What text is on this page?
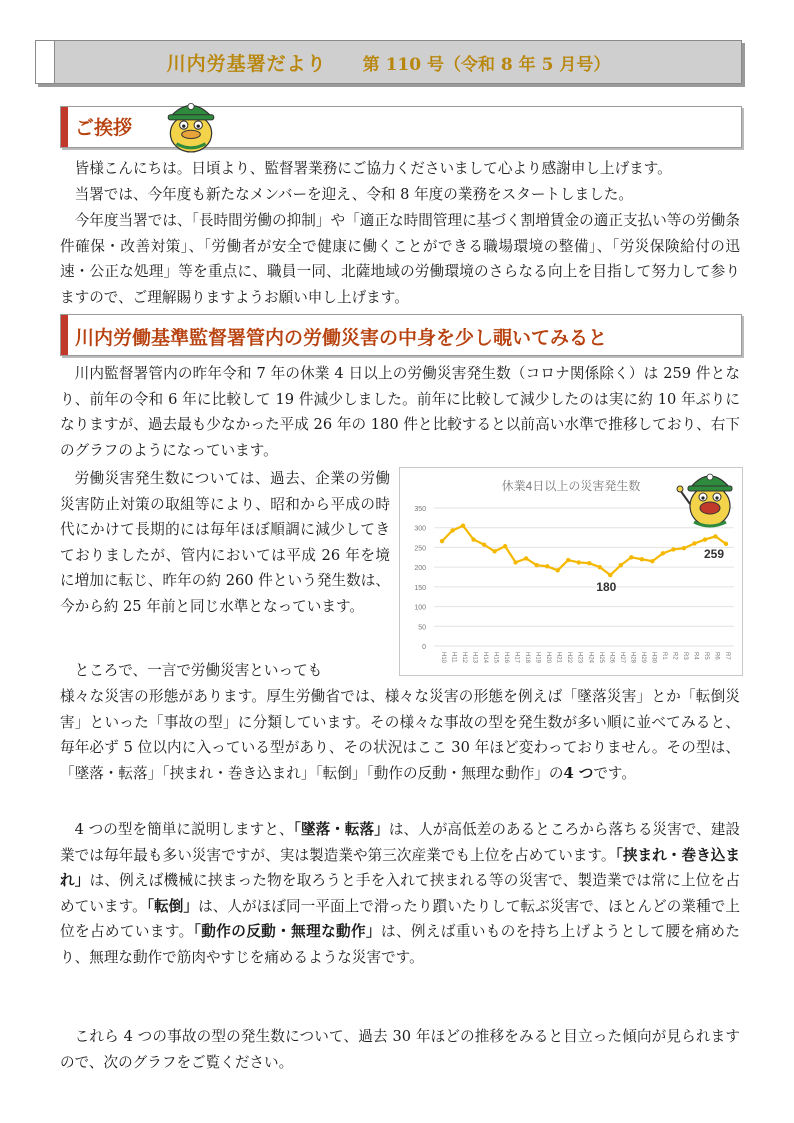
川内労基署だより 第 110 号（令和 8 年 5 月号）
ご挨拶

皆様こんにちは。日頃より、監督署業務にご協力くださいまして心より感謝申し上げます。

当署では、今年度も新たなメンバーを迎え、令和 8 年度の業務をスタートしました。

今年度当署では、「長時間労働の抑制」や「適正な時間管理に基づく割増賃金の適正支払い等の労働条件確保・改善対策」、「労働者が安全で健康に働くことができる職場環境の整備」、「労災保険給付の迅速・公正な処理」等を重点に、職員一同、北薩地域の労働環境のさらなる向上を目指して努力して参りますので、ご理解賜りますようお願い申し上げます。

川内労働基準監督署管内の労働災害の中身を少し覗いてみると

川内監督署管内の昨年令和 7 年の休業 4 日以上の労働災害発生数（コロナ関係除く）は 259 件となり、前年の令和 6 年に比較して 19 件減少しました。前年に比較して減少したのは実に約 10 年ぶりになりますが、過去最も少なかった平成 26 年の 180 件と比較すると以前高い水準で推移しており、右下のグラフのようになっています。

労働災害発生数については、過去、企業の労働災害防止対策の取組等により、昭和から平成の時代にかけて長期的には毎年ほぼ順調に減少してきておりましたが、管内においては平成 26 年を境に増加に転じ、昨年の約 260 件という発生数は、今から約 25 年前と同じ水準となっています。

ところで、一言で労働災害といっても

様々な災害の形態があります。厚生労働省では、様々な災害の形態を例えば「墜落災害」とか「転倒災害」といった「事故の型」に分類しています。その様々な事故の型を発生数が多い順に並べてみると、毎年必ず 5 位以内に入っている型があり、その状況はここ 30 年ほど変わっておりません。その型は、「墜落・転落」「挟まれ・巻き込まれ」「転倒」「動作の反動・無理な動作」の4 つです。

4 つの型を簡単に説明しますと、「墜落・転落」は、人が高低差のあるところから落ちる災害で、建設業では毎年最も多い災害ですが、実は製造業や第三次産業でも上位を占めています。「挟まれ・巻き込まれ」は、例えば機械に挟まった物を取ろうと手を入れて挟まれる等の災害で、製造業では常に上位を占めています。「転倒」は、人がほぼ同一平面上で滑ったり躓いたりして転ぶ災害で、ほとんどの業種で上位を占めています。「動作の反動・無理な動作」は、例えば重いものを持ち上げようとして腰を痛めたり、無理な動作で筋肉やすじを痛めるような災害です。

これら 4 つの事故の型の発生数について、過去 30 年ほどの推移をみると目立った傾向が見られますので、次のグラフをご覧ください。

休業4日以上の災害発生数
0
50
100
150
200
250
300
350
H10 H11 H12 H13 H14 H15 H16 H17 H18 H19 H20 H21 H22 H23 H24 H25 H26 H27 H28 H29 H30 R1 R2 R3 R4 R5 R6 R7
180
259
